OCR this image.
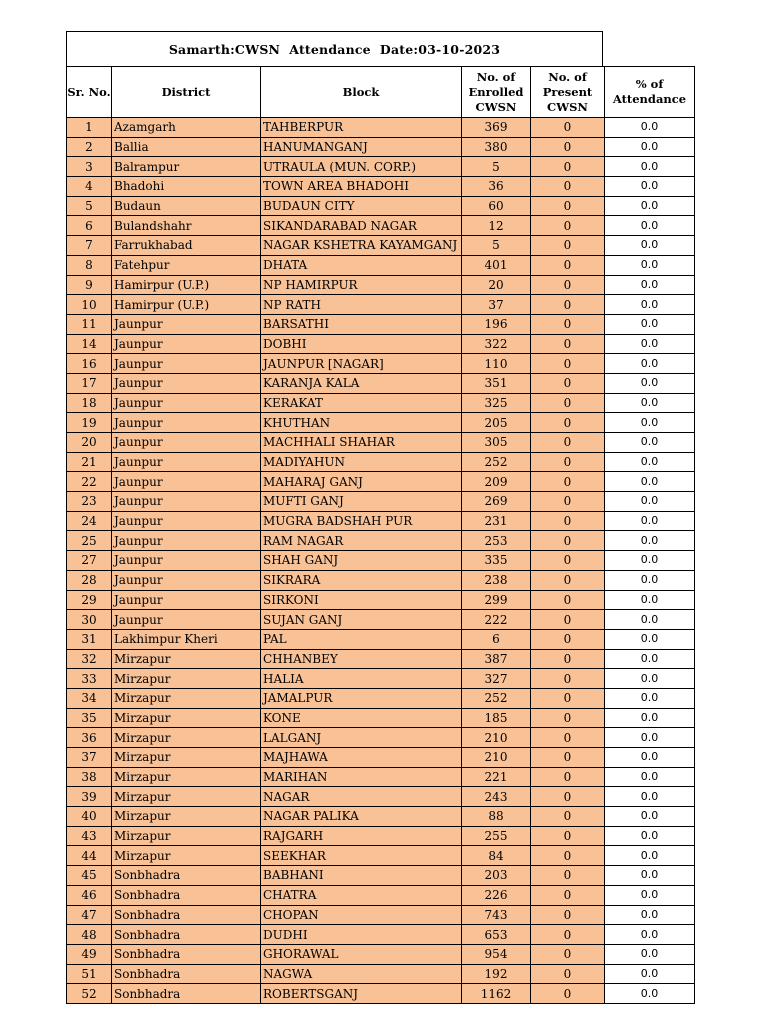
Samarth:CWSN  Attendance  Date:03-10-2023
Sr. No.	District	Block	No. of Enrolled CWSN	No. of Present CWSN	% of Attendance
1	Azamgarh	TAHBERPUR	369	0	0.0
2	Ballia	HANUMANGANJ	380	0	0.0
3	Balrampur	UTRAULA (MUN. CORP.)	5	0	0.0
4	Bhadohi	TOWN AREA BHADOHI	36	0	0.0
5	Budaun	BUDAUN CITY	60	0	0.0
6	Bulandshahr	SIKANDARABAD NAGAR	12	0	0.0
7	Farrukhabad	NAGAR KSHETRA KAYAMGANJ	5	0	0.0
8	Fatehpur	DHATA	401	0	0.0
9	Hamirpur (U.P.)	NP HAMIRPUR	20	0	0.0
10	Hamirpur (U.P.)	NP RATH	37	0	0.0
11	Jaunpur	BARSATHI	196	0	0.0
14	Jaunpur	DOBHI	322	0	0.0
16	Jaunpur	JAUNPUR [NAGAR]	110	0	0.0
17	Jaunpur	KARANJA KALA	351	0	0.0
18	Jaunpur	KERAKAT	325	0	0.0
19	Jaunpur	KHUTHAN	205	0	0.0
20	Jaunpur	MACHHALI SHAHAR	305	0	0.0
21	Jaunpur	MADIYAHUN	252	0	0.0
22	Jaunpur	MAHARAJ GANJ	209	0	0.0
23	Jaunpur	MUFTI GANJ	269	0	0.0
24	Jaunpur	MUGRA BADSHAH PUR	231	0	0.0
25	Jaunpur	RAM NAGAR	253	0	0.0
27	Jaunpur	SHAH GANJ	335	0	0.0
28	Jaunpur	SIKRARA	238	0	0.0
29	Jaunpur	SIRKONI	299	0	0.0
30	Jaunpur	SUJAN GANJ	222	0	0.0
31	Lakhimpur Kheri	PAL	6	0	0.0
32	Mirzapur	CHHANBEY	387	0	0.0
33	Mirzapur	HALIA	327	0	0.0
34	Mirzapur	JAMALPUR	252	0	0.0
35	Mirzapur	KONE	185	0	0.0
36	Mirzapur	LALGANJ	210	0	0.0
37	Mirzapur	MAJHAWA	210	0	0.0
38	Mirzapur	MARIHAN	221	0	0.0
39	Mirzapur	NAGAR	243	0	0.0
40	Mirzapur	NAGAR PALIKA	88	0	0.0
43	Mirzapur	RAJGARH	255	0	0.0
44	Mirzapur	SEEKHAR	84	0	0.0
45	Sonbhadra	BABHANI	203	0	0.0
46	Sonbhadra	CHATRA	226	0	0.0
47	Sonbhadra	CHOPAN	743	0	0.0
48	Sonbhadra	DUDHI	653	0	0.0
49	Sonbhadra	GHORAWAL	954	0	0.0
51	Sonbhadra	NAGWA	192	0	0.0
52	Sonbhadra	ROBERTSGANJ	1162	0	0.0
